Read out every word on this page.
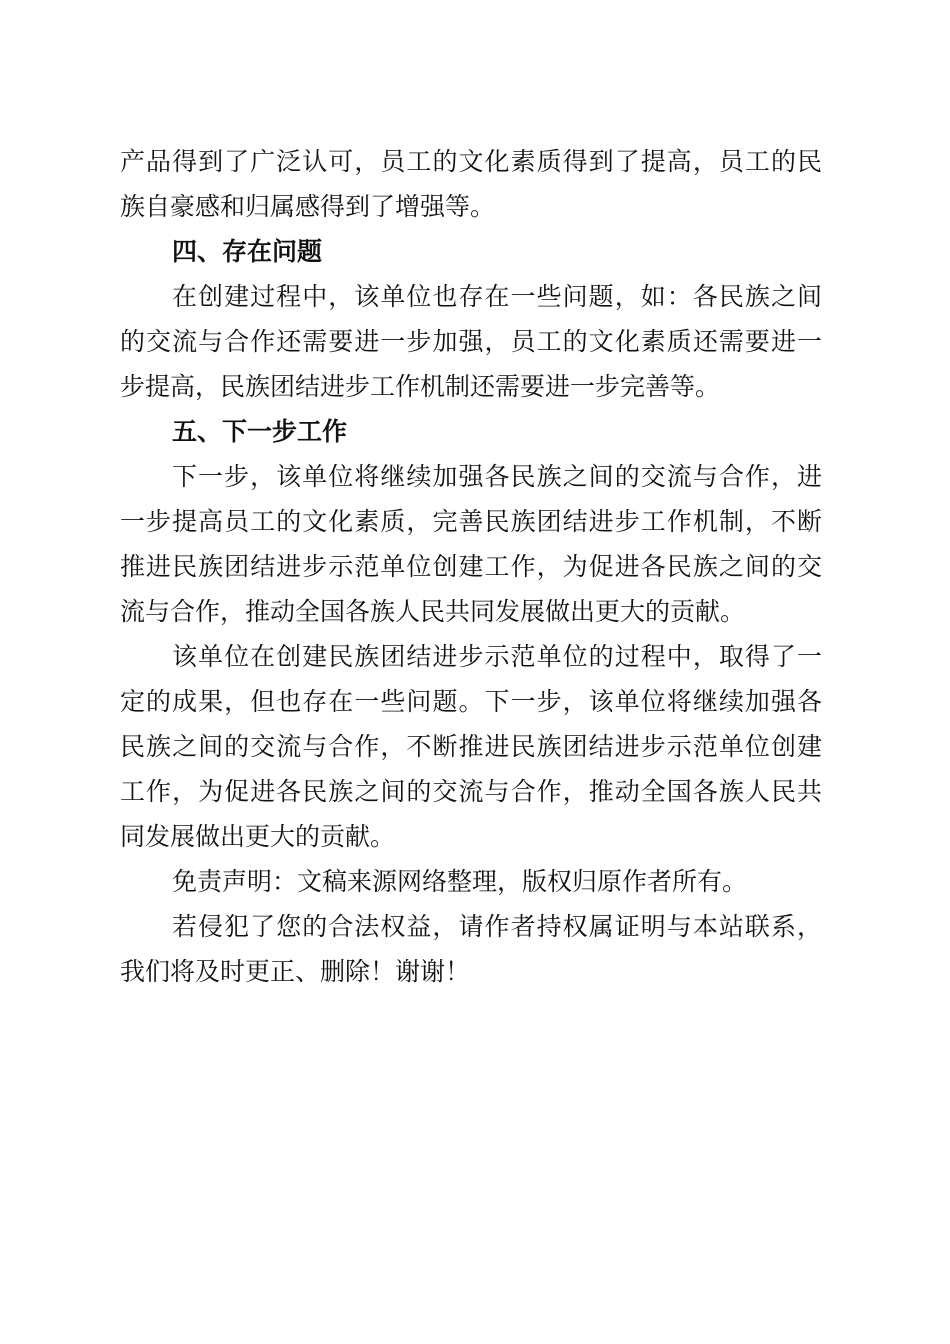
产品得到了广泛认可，员工的文化素质得到了提高，员工的民
族自豪感和归属感得到了增强等。

四、存在问题

在创建过程中，该单位也存在一些问题，如：各民族之间
的交流与合作还需要进一步加强，员工的文化素质还需要进一
步提高，民族团结进步工作机制还需要进一步完善等。

五、下一步工作

下一步，该单位将继续加强各民族之间的交流与合作，进
一步提高员工的文化素质，完善民族团结进步工作机制，不断
推进民族团结进步示范单位创建工作，为促进各民族之间的交
流与合作，推动全国各族人民共同发展做出更大的贡献。

该单位在创建民族团结进步示范单位的过程中，取得了一
定的成果，但也存在一些问题。下一步，该单位将继续加强各
民族之间的交流与合作，不断推进民族团结进步示范单位创建
工作，为促进各民族之间的交流与合作，推动全国各族人民共
同发展做出更大的贡献。

免责声明：文稿来源网络整理，版权归原作者所有。

若侵犯了您的合法权益，请作者持权属证明与本站联系，
我们将及时更正、删除！谢谢！
